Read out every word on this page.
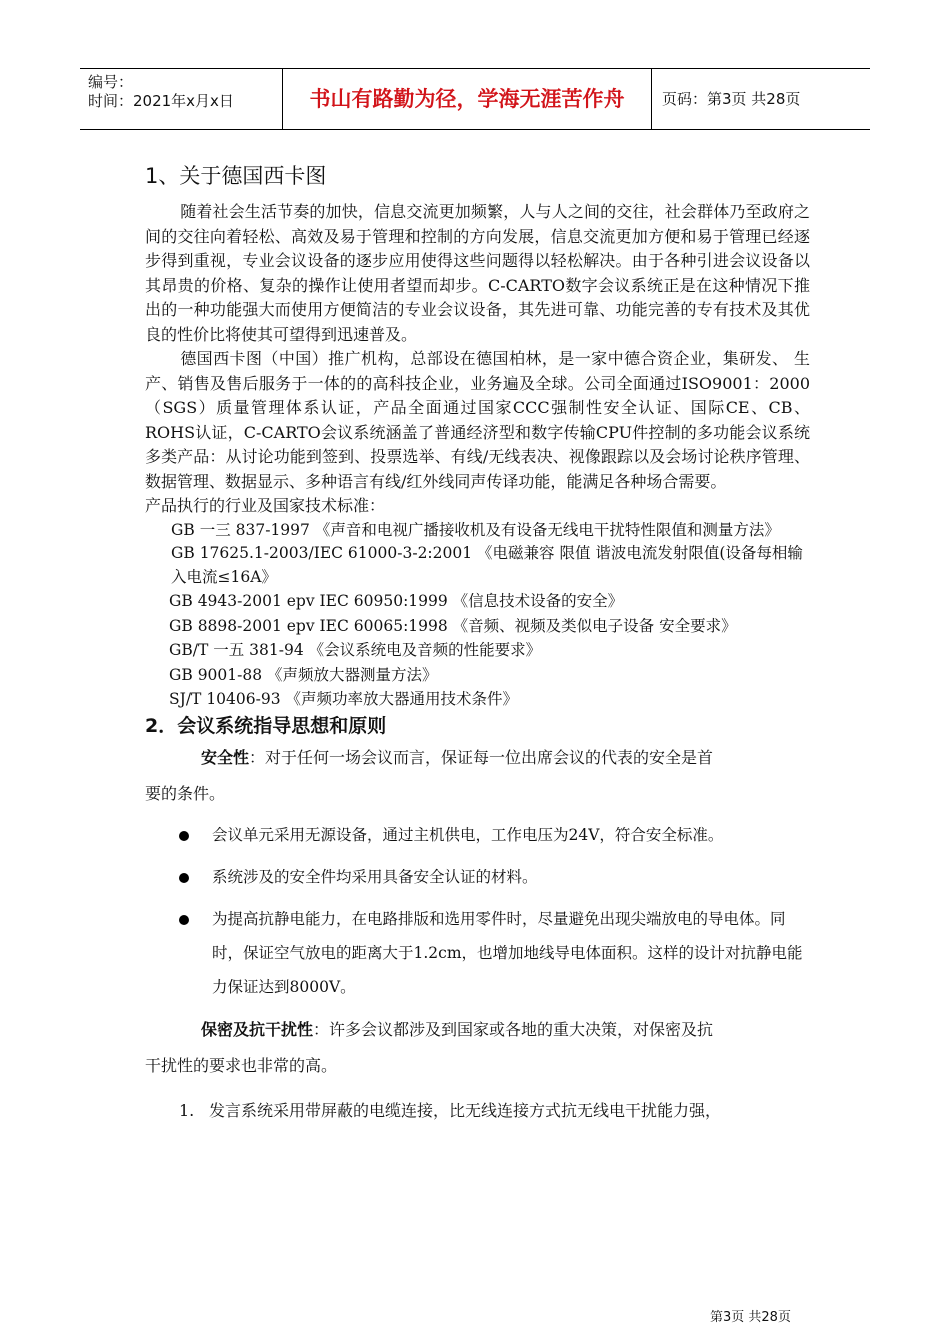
编号：
时间：2021年x月x日	书山有路勤为径，学海无涯苦作舟	页码：第3页 共28页
1、关于德国西卡图

随着社会生活节奏的加快，信息交流更加频繁，人与人之间的交往，社会群体乃至政府之间的交往向着轻松、高效及易于管理和控制的方向发展，信息交流更加方便和易于管理已经逐步得到重视，专业会议设备的逐步应用使得这些问题得以轻松解决。由于各种引进会议设备以其昂贵的价格、复杂的操作让使用者望而却步。C-CARTO数字会议系统正是在这种情况下推出的一种功能强大而使用方便简洁的专业会议设备，其先进可靠、功能完善的专有技术及其优良的性价比将使其可望得到迅速普及。

德国西卡图（中国）推广机构，总部设在德国柏林，是一家中德合资企业，集研发、 生产、销售及售后服务于一体的的高科技企业，业务遍及全球。公司全面通过ISO9001：2000（SGS）质量管理体系认证，产品全面通过国家CCC强制性安全认证、国际CE、CB、ROHS认证，C-CARTO会议系统涵盖了普通经济型和数字传输CPU件控制的多功能会议系统多类产品：从讨论功能到签到、投票选举、有线/无线表决、视像跟踪以及会场讨论秩序管理、数据管理、数据显示、多种语言有线/红外线同声传译功能，能满足各种场合需要。

产品执行的行业及国家技术标准：

GB 一三 837-1997 《声音和电视广播接收机及有设备无线电干扰特性限值和测量方法》

GB 17625.1-2003/IEC 61000-3-2:2001 《电磁兼容 限值 谐波电流发射限值(设备每相输入电流≤16A》

GB 4943-2001 epv IEC 60950:1999 《信息技术设备的安全》

GB 8898-2001 epv IEC 60065:1998 《音频、视频及类似电子设备 安全要求》

GB/T 一五 381-94 《会议系统电及音频的性能要求》

GB 9001-88 《声频放大器测量方法》

SJ/T 10406-93 《声频功率放大器通用技术条件》

2．会议系统指导思想和原则

安全性：对于任何一场会议而言，保证每一位出席会议的代表的安全是首
要的条件。

会议单元采用无源设备，通过主机供电，工作电压为24V，符合安全标准。
系统涉及的安全件均采用具备安全认证的材料。
为提高抗静电能力，在电路排版和选用零件时，尽量避免出现尖端放电的导电体。同时，保证空气放电的距离大于1.2cm，也增加地线导电体面积。这样的设计对抗静电能力保证达到8000V。

保密及抗干扰性：许多会议都涉及到国家或各地的重大决策，对保密及抗
干扰性的要求也非常的高。

1. 发言系统采用带屏蔽的电缆连接，比无线连接方式抗无线电干扰能力强，
第3页 共28页
